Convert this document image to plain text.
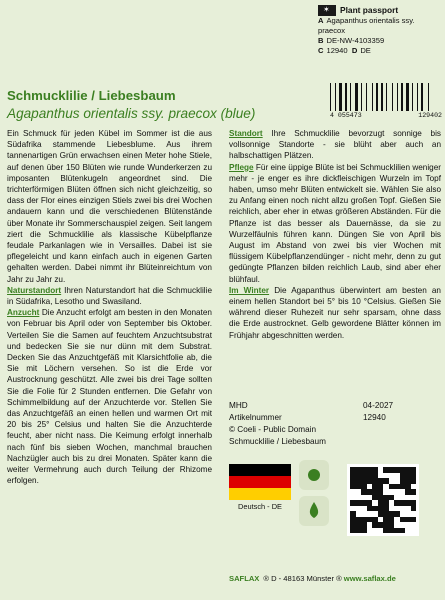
✶
Plant passport
A Agapanthus orientalis ssy. praecox
B DE-NW-4103359
C 12940 D DE
4 055473	129402
Schmucklilie / Liebesbaum
Agapanthus orientalis ssy. praecox (blue)

Ein Schmuck für jeden Kübel im Sommer ist die aus Südafrika stammende Liebesblume. Aus ihrem tannenartigen Grün erwachsen einen Meter hohe Stiele, auf denen über 150 Blüten wie runde Wunderkerzen zu imposanten Blütenkugeln angeordnet sind. Die trichterförmigen Blüten öffnen sich nicht gleichzeitig, so dass der Flor eines einzigen Stiels zwei bis drei Wochen andauern kann und die verschiedenen Blütenstände über Monate ihr Sommerschauspiel zeigen. Seit langem ziert die Schmucklilie als klassische Kübelpflanze feudale Parkanlagen wie in Versailles. Dabei ist sie pflegeleicht und kann einfach auch in eigenen Garten gehalten werden. Dabei nimmt ihr Blüteinreichtum von Jahr zu Jahr zu.

Naturstandort Ihren Naturstandort hat die Schmucklilie in Südafrika, Lesotho und Swasiland.

Anzucht Die Anzucht erfolgt am besten in den Monaten von Februar bis April oder von September bis Oktober. Verteilen Sie die Samen auf feuchtem Anzuchtsubstrat und bedecken Sie sie nur dünn mit dem Substrat. Decken Sie das Anzuchtgefäß mit Klarsichtfolie ab, die Sie mit Löchern versehen. So ist die Erde vor Austrocknung geschützt. Alle zwei bis drei Tage sollten Sie die Folie für 2 Stunden entfernen. Die Gefahr von Schimmelbildung auf der Anzuchterde vor. Stellen Sie das Anzuchtgefäß an einen hellen und warmen Ort mit 20 bis 25° Celsius und halten Sie die Anzuchterde feucht, aber nicht nass. Die Keimung erfolgt innerhalb nach fünf bis sieben Wochen, manchmal brauchen Nachzügler auch bis zu drei Monaten. Später kann die weiter Vermehrung auch durch Teilung der Rhizome erfolgen.

Standort Ihre Schmucklilie bevorzugt sonnige bis vollsonnige Standorte - sie blüht aber auch an halbschattigen Plätzen.

Pflege Für eine üppige Blüte ist bei Schmucklilien weniger mehr - je enger es ihre dickfleischigen Wurzeln im Topf haben, umso mehr Blüten entwickelt sie. Wählen Sie also zu Anfang einen noch nicht allzu großen Topf. Gießen Sie reichlich, aber eher in etwas größeren Abständen. Für die Pflanze ist das besser als Dauernässe, da sie zu Wurzelfäulnis führen kann. Düngen Sie von April bis August im Abstand von zwei bis vier Wochen mit flüssigem Kübelpflanzendünger - nicht mehr, denn zu gut gedüngte Pflanzen bilden reichlich Laub, sind aber eher blühfaul.

Im Winter Die Agapanthus überwintert am besten an einem hellen Standort bei 5° bis 10 °Celsius. Gießen Sie während dieser Ruhezeit nur sehr sparsam, ohne dass die Erde austrocknet. Gelb gewordene Blätter können im Frühjahr abgeschnitten werden.

MHD	04-2027
Artikelnummer	12940
© Coeli - Public Domain
Schmucklilie / Liebesbaum
Deutsch - DE
SAFLAX ® D - 48163 Münster ® www.saflax.de
